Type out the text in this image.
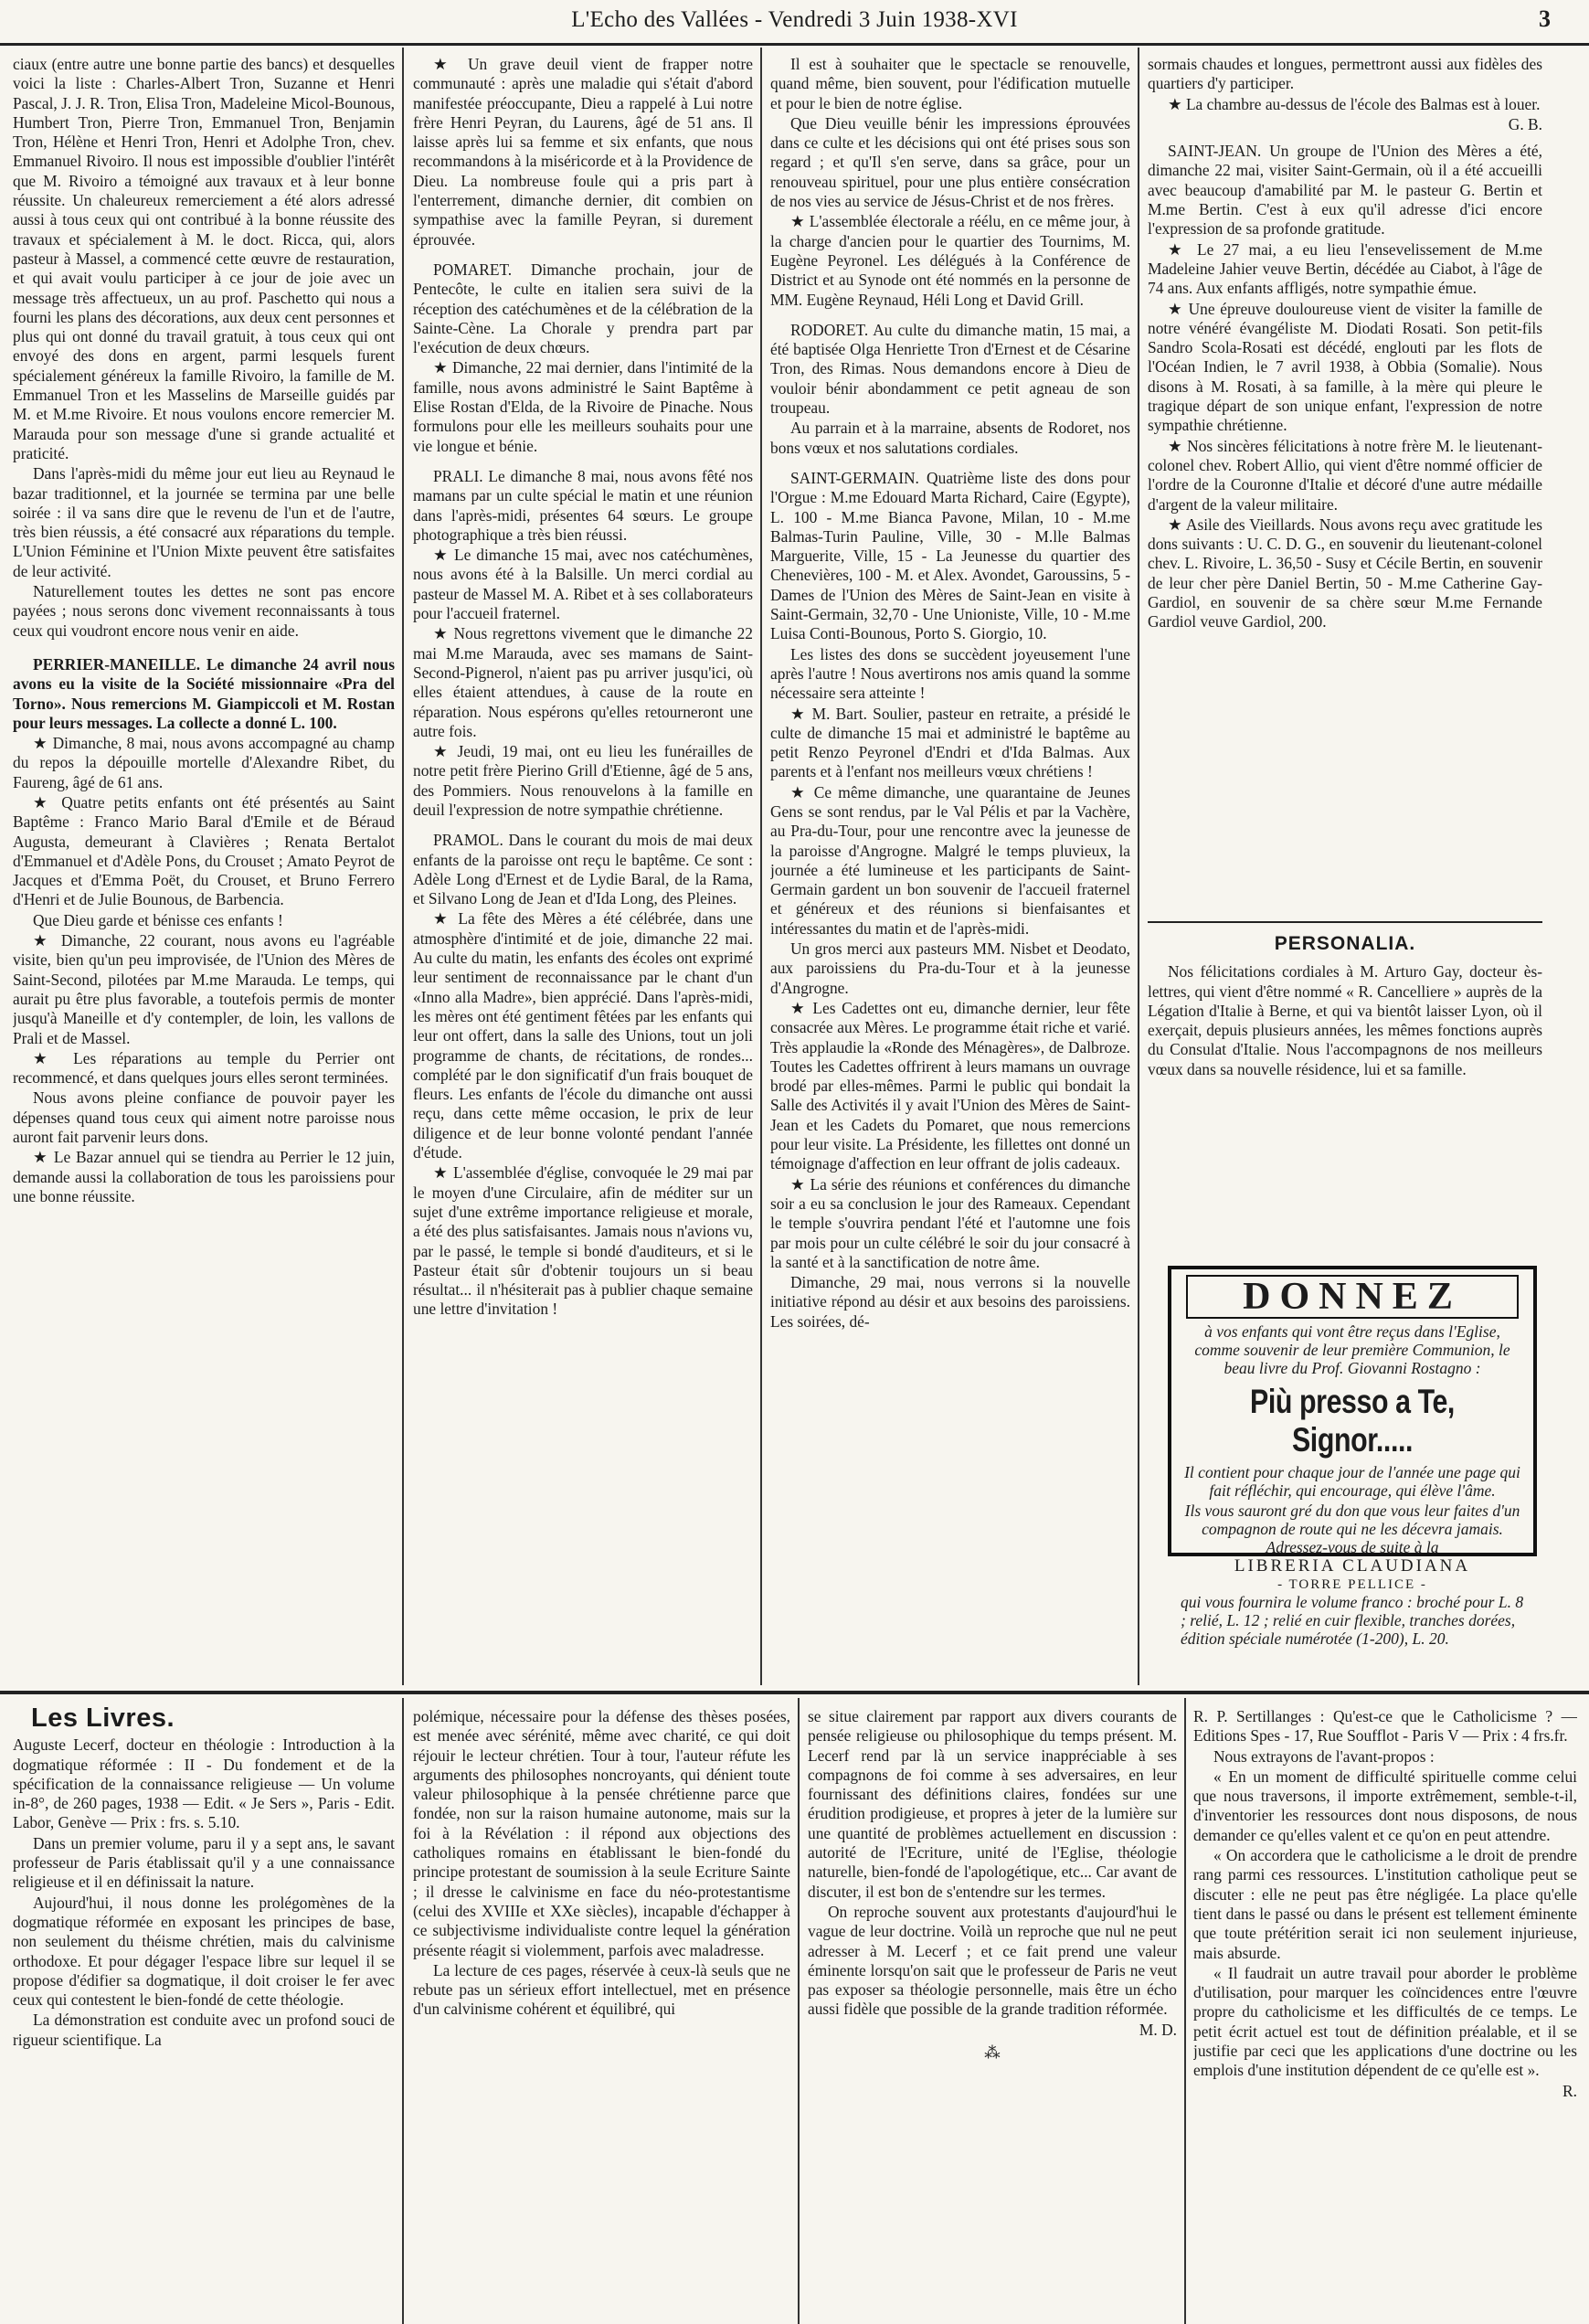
L'Echo des Vallées - Vendredi 3 Juin 1938-XVI	3

ciaux (entre autre une bonne partie des bancs) et desquelles voici la liste : Charles-Albert Tron, Suzanne et Henri Pascal, J. J. R. Tron, Elisa Tron, Madeleine Micol-Bounous, Humbert Tron, Pierre Tron, Emmanuel Tron, Benjamin Tron, Hélène et Henri Tron, Henri et Adolphe Tron, chev. Emmanuel Rivoiro. Il nous est impossible d'oublier l'intérêt que M. Rivoiro a témoigné aux travaux et à leur bonne réussite. Un chaleureux remerciement a été alors adressé aussi à tous ceux qui ont contribué à la bonne réussite des travaux et spécialement à M. le doct. Ricca, qui, alors pasteur à Massel, a commencé cette œuvre de restauration, et qui avait voulu participer à ce jour de joie avec un message très affectueux, un au prof. Paschetto qui nous a fourni les plans des décorations, aux deux cent personnes et plus qui ont donné du travail gratuit, à tous ceux qui ont envoyé des dons en argent, parmi lesquels furent spécialement généreux la famille Rivoiro, la famille de M. Emmanuel Tron et les Masselins de Marseille guidés par M. et M.me Rivoire. Et nous voulons encore remercier M. Marauda pour son message d'une si grande actualité et praticité.

Dans l'après-midi du même jour eut lieu au Reynaud le bazar traditionnel, et la journée se termina par une belle soirée : il va sans dire que le revenu de l'un et de l'autre, très bien réussis, a été consacré aux réparations du temple. L'Union Féminine et l'Union Mixte peuvent être satisfaites de leur activité.

Naturellement toutes les dettes ne sont pas encore payées ; nous serons donc vivement reconnaissants à tous ceux qui voudront encore nous venir en aide.

PERRIER-MANEILLE. Le dimanche 24 avril nous avons eu la visite de la Société missionnaire «Pra del Torno». Nous remercions M. Giampiccoli et M. Rostan pour leurs messages. La collecte a donné L. 100.

★ Dimanche, 8 mai, nous avons accompagné au champ du repos la dépouille mortelle d'Alexandre Ribet, du Faureng, âgé de 61 ans.

★ Quatre petits enfants ont été présentés au Saint Baptême : Franco Mario Baral d'Emile et de Béraud Augusta, demeurant à Clavières ; Renata Bertalot d'Emmanuel et d'Adèle Pons, du Crouset ; Amato Peyrot de Jacques et d'Emma Poët, du Crouset, et Bruno Ferrero d'Henri et de Julie Bounous, de Barbencia.

Que Dieu garde et bénisse ces enfants !

★ Dimanche, 22 courant, nous avons eu l'agréable visite, bien qu'un peu improvisée, de l'Union des Mères de Saint-Second, pilotées par M.me Marauda. Le temps, qui aurait pu être plus favorable, a toutefois permis de monter jusqu'à Maneille et d'y contempler, de loin, les vallons de Prali et de Massel.

★ Les réparations au temple du Perrier ont recommencé, et dans quelques jours elles seront terminées.

Nous avons pleine confiance de pouvoir payer les dépenses quand tous ceux qui aiment notre paroisse nous auront fait parvenir leurs dons.

★ Le Bazar annuel qui se tiendra au Perrier le 12 juin, demande aussi la collaboration de tous les paroissiens pour une bonne réussite.

★ Un grave deuil vient de frapper notre communauté : après une maladie qui s'était d'abord manifestée préoccupante, Dieu a rappelé à Lui notre frère Henri Peyran, du Laurens, âgé de 51 ans. Il laisse après lui sa femme et six enfants, que nous recommandons à la miséricorde et à la Providence de Dieu. La nombreuse foule qui a pris part à l'enterrement, dimanche dernier, dit combien on sympathise avec la famille Peyran, si durement éprouvée.

POMARET. Dimanche prochain, jour de Pentecôte, le culte en italien sera suivi de la réception des catéchumènes et de la célébration de la Sainte-Cène. La Chorale y prendra part par l'exécution de deux chœurs.

★ Dimanche, 22 mai dernier, dans l'intimité de la famille, nous avons administré le Saint Baptême à Elise Rostan d'Elda, de la Rivoire de Pinache. Nous formulons pour elle les meilleurs souhaits pour une vie longue et bénie.

PRALI. Le dimanche 8 mai, nous avons fêté nos mamans par un culte spécial le matin et une réunion dans l'après-midi, présentes 64 sœurs. Le groupe photographique a très bien réussi.

★ Le dimanche 15 mai, avec nos catéchumènes, nous avons été à la Balsille. Un merci cordial au pasteur de Massel M. A. Ribet et à ses collaborateurs pour l'accueil fraternel.

★ Nous regrettons vivement que le dimanche 22 mai M.me Marauda, avec ses mamans de Saint-Second-Pignerol, n'aient pas pu arriver jusqu'ici, où elles étaient attendues, à cause de la route en réparation. Nous espérons qu'elles retourneront une autre fois.

★ Jeudi, 19 mai, ont eu lieu les funérailles de notre petit frère Pierino Grill d'Etienne, âgé de 5 ans, des Pommiers. Nous renouvelons à la famille en deuil l'expression de notre sympathie chrétienne.

PRAMOL. Dans le courant du mois de mai deux enfants de la paroisse ont reçu le baptême. Ce sont : Adèle Long d'Ernest et de Lydie Baral, de la Rama, et Silvano Long de Jean et d'Ida Long, des Pleines.

★ La fête des Mères a été célébrée, dans une atmosphère d'intimité et de joie, dimanche 22 mai. Au culte du matin, les enfants des écoles ont exprimé leur sentiment de reconnaissance par le chant d'un «Inno alla Madre», bien apprécié. Dans l'après-midi, les mères ont été gentiment fêtées par les enfants qui leur ont offert, dans la salle des Unions, tout un joli programme de chants, de récitations, de rondes... complété par le don significatif d'un frais bouquet de fleurs. Les enfants de l'école du dimanche ont aussi reçu, dans cette même occasion, le prix de leur diligence et de leur bonne volonté pendant l'année d'étude.

★ L'assemblée d'église, convoquée le 29 mai par le moyen d'une Circulaire, afin de méditer sur un sujet d'une extrême importance religieuse et morale, a été des plus satisfaisantes. Jamais nous n'avions vu, par le passé, le temple si bondé d'auditeurs, et si le Pasteur était sûr d'obtenir toujours un si beau résultat... il n'hésiterait pas à publier chaque semaine une lettre d'invitation !

Il est à souhaiter que le spectacle se renouvelle, quand même, bien souvent, pour l'édification mutuelle et pour le bien de notre église.

Que Dieu veuille bénir les impressions éprouvées dans ce culte et les décisions qui ont été prises sous son regard ; et qu'Il s'en serve, dans sa grâce, pour un renouveau spirituel, pour une plus entière consécration de nos vies au service de Jésus-Christ et de nos frères.

★ L'assemblée électorale a réélu, en ce même jour, à la charge d'ancien pour le quartier des Tournims, M. Eugène Peyronel. Les délégués à la Conférence de District et au Synode ont été nommés en la personne de MM. Eugène Reynaud, Héli Long et David Grill.

RODORET. Au culte du dimanche matin, 15 mai, a été baptisée Olga Henriette Tron d'Ernest et de Césarine Tron, des Rimas. Nous demandons encore à Dieu de vouloir bénir abondamment ce petit agneau de son troupeau.

Au parrain et à la marraine, absents de Rodoret, nos bons vœux et nos salutations cordiales.

SAINT-GERMAIN. Quatrième liste des dons pour l'Orgue : M.me Edouard Marta Richard, Caire (Egypte), L. 100 - M.me Bianca Pavone, Milan, 10 - M.me Balmas-Turin Pauline, Ville, 30 - M.lle Balmas Marguerite, Ville, 15 - La Jeunesse du quartier des Chenevières, 100 - M. et Alex. Avondet, Garoussins, 5 - Dames de l'Union des Mères de Saint-Jean en visite à Saint-Germain, 32,70 - Une Unioniste, Ville, 10 - M.me Luisa Conti-Bounous, Porto S. Giorgio, 10.

Les listes des dons se succèdent joyeusement l'une après l'autre ! Nous avertirons nos amis quand la somme nécessaire sera atteinte !

★ M. Bart. Soulier, pasteur en retraite, a présidé le culte de dimanche 15 mai et administré le baptême au petit Renzo Peyronel d'Endri et d'Ida Balmas. Aux parents et à l'enfant nos meilleurs vœux chrétiens !

★ Ce même dimanche, une quarantaine de Jeunes Gens se sont rendus, par le Val Pélis et par la Vachère, au Pra-du-Tour, pour une rencontre avec la jeunesse de la paroisse d'Angrogne. Malgré le temps pluvieux, la journée a été lumineuse et les participants de Saint-Germain gardent un bon souvenir de l'accueil fraternel et généreux et des réunions si bienfaisantes et intéressantes du matin et de l'après-midi.

Un gros merci aux pasteurs MM. Nisbet et Deodato, aux paroissiens du Pra-du-Tour et à la jeunesse d'Angrogne.

★ Les Cadettes ont eu, dimanche dernier, leur fête consacrée aux Mères. Le programme était riche et varié. Très applaudie la «Ronde des Ménagères», de Dalbroze. Toutes les Cadettes offrirent à leurs mamans un ouvrage brodé par elles-mêmes. Parmi le public qui bondait la Salle des Activités il y avait l'Union des Mères de Saint-Jean et les Cadets du Pomaret, que nous remercions pour leur visite. La Présidente, les fillettes ont donné un témoignage d'affection en leur offrant de jolis cadeaux.

★ La série des réunions et conférences du dimanche soir a eu sa conclusion le jour des Rameaux. Cependant le temple s'ouvrira pendant l'été et l'automne une fois par mois pour un culte célébré le soir du jour consacré à la santé et à la sanctification de notre âme.

Dimanche, 29 mai, nous verrons si la nouvelle initiative répond au désir et aux besoins des paroissiens. Les soirées, dé-

sormais chaudes et longues, permettront aussi aux fidèles des quartiers d'y participer.

★ La chambre au-dessus de l'école des Balmas est à louer.

G. B.

SAINT-JEAN. Un groupe de l'Union des Mères a été, dimanche 22 mai, visiter Saint-Germain, où il a été accueilli avec beaucoup d'amabilité par M. le pasteur G. Bertin et M.me Bertin. C'est à eux qu'il adresse d'ici encore l'expression de sa profonde gratitude.

★ Le 27 mai, a eu lieu l'ensevelissement de M.me Madeleine Jahier veuve Bertin, décédée au Ciabot, à l'âge de 74 ans. Aux enfants affligés, notre sympathie émue.

★ Une épreuve douloureuse vient de visiter la famille de notre vénéré évangéliste M. Diodati Rosati. Son petit-fils Sandro Scola-Rosati est décédé, englouti par les flots de l'Océan Indien, le 7 avril 1938, à Obbia (Somalie). Nous disons à M. Rosati, à sa famille, à la mère qui pleure le tragique départ de son unique enfant, l'expression de notre sympathie chrétienne.

★ Nos sincères félicitations à notre frère M. le lieutenant-colonel chev. Robert Allio, qui vient d'être nommé officier de l'ordre de la Couronne d'Italie et décoré d'une autre médaille d'argent de la valeur militaire.

★ Asile des Vieillards. Nous avons reçu avec gratitude les dons suivants : U. C. D. G., en souvenir du lieutenant-colonel chev. L. Rivoire, L. 36,50 - Susy et Cécile Bertin, en souvenir de leur cher père Daniel Bertin, 50 - M.me Catherine Gay-Gardiol, en souvenir de sa chère sœur M.me Fernande Gardiol veuve Gardiol, 200.

PERSONALIA.

Nos félicitations cordiales à M. Arturo Gay, docteur ès-lettres, qui vient d'être nommé « R. Cancelliere » auprès de la Légation d'Italie à Berne, et qui va bientôt laisser Lyon, où il exerçait, depuis plusieurs années, les mêmes fonctions auprès du Consulat d'Italie. Nous l'accompagnons de nos meilleurs vœux dans sa nouvelle résidence, lui et sa famille.

DONNEZ
à vos enfants qui vont être reçus dans l'Eglise, comme souvenir de leur première Communion, le beau livre du Prof. Giovanni Rostagno :
Più presso a Te, Signor.....
Il contient pour chaque jour de l'année une page qui fait réfléchir, qui encourage, qui élève l'âme.
Ils vous sauront gré du don que vous leur faites d'un compagnon de route qui ne les décevra jamais.
Adressez-vous de suite à la
LIBRERIA CLAUDIANA
- TORRE PELLICE -
qui vous fournira le volume franco : broché pour L. 8 ; relié, L. 12 ; relié en cuir flexible, tranches dorées, édition spéciale numérotée (1-200), L. 20.
Les Livres.

Auguste Lecerf, docteur en théologie : Introduction à la dogmatique réformée : II - Du fondement et de la spécification de la connaissance religieuse — Un volume in-8°, de 260 pages, 1938 — Edit. « Je Sers », Paris - Edit. Labor, Genève — Prix : frs. s. 5.10.

Dans un premier volume, paru il y a sept ans, le savant professeur de Paris établissait qu'il y a une connaissance religieuse et il en définissait la nature.

Aujourd'hui, il nous donne les prolégomènes de la dogmatique réformée en exposant les principes de base, non seulement du théisme chrétien, mais du calvinisme orthodoxe. Et pour dégager l'espace libre sur lequel il se propose d'édifier sa dogmatique, il doit croiser le fer avec ceux qui contestent le bien-fondé de cette théologie.

La démonstration est conduite avec un profond souci de rigueur scientifique. La

polémique, nécessaire pour la défense des thèses posées, est menée avec sérénité, même avec charité, ce qui doit réjouir le lecteur chrétien. Tour à tour, l'auteur réfute les arguments des philosophes noncroyants, qui dénient toute valeur philosophique à la pensée chrétienne parce que fondée, non sur la raison humaine autonome, mais sur la foi à la Révélation : il répond aux objections des catholiques romains en établissant le bien-fondé du principe protestant de soumission à la seule Ecriture Sainte ; il dresse le calvinisme en face du néo-protestantisme (celui des XVIIIe et XXe siècles), incapable d'échapper à ce subjectivisme individualiste contre lequel la génération présente réagit si violemment, parfois avec maladresse.

La lecture de ces pages, réservée à ceux-là seuls que ne rebute pas un sérieux effort intellectuel, met en présence d'un calvinisme cohérent et équilibré, qui

se situe clairement par rapport aux divers courants de pensée religieuse ou philosophique du temps présent. M. Lecerf rend par là un service inappréciable à ses compagnons de foi comme à ses adversaires, en leur fournissant des définitions claires, fondées sur une érudition prodigieuse, et propres à jeter de la lumière sur une quantité de problèmes actuellement en discussion : autorité de l'Ecriture, unité de l'Eglise, théologie naturelle, bien-fondé de l'apologétique, etc... Car avant de discuter, il est bon de s'entendre sur les termes.

On reproche souvent aux protestants d'aujourd'hui le vague de leur doctrine. Voilà un reproche que nul ne peut adresser à M. Lecerf ; et ce fait prend une valeur éminente lorsqu'on sait que le professeur de Paris ne veut pas exposer sa théologie personnelle, mais être un écho aussi fidèle que possible de la grande tradition réformée.

M. D.

⁂

R. P. Sertillanges : Qu'est-ce que le Catholicisme ? — Editions Spes - 17, Rue Soufflot - Paris V — Prix : 4 frs.fr.

Nous extrayons de l'avant-propos :

« En un moment de difficulté spirituelle comme celui que nous traversons, il importe extrêmement, semble-t-il, d'inventorier les ressources dont nous disposons, de nous demander ce qu'elles valent et ce qu'on en peut attendre.

« On accordera que le catholicisme a le droit de prendre rang parmi ces ressources. L'institution catholique peut se discuter : elle ne peut pas être négligée. La place qu'elle tient dans le passé ou dans le présent est tellement éminente que toute prétérition serait ici non seulement injurieuse, mais absurde.

« Il faudrait un autre travail pour aborder le problème d'utilisation, pour marquer les coïncidences entre l'œuvre propre du catholicisme et les difficultés de ce temps. Le petit écrit actuel est tout de définition préalable, et il se justifie par ceci que les applications d'une doctrine ou les emplois d'une institution dépendent de ce qu'elle est ».

R.
